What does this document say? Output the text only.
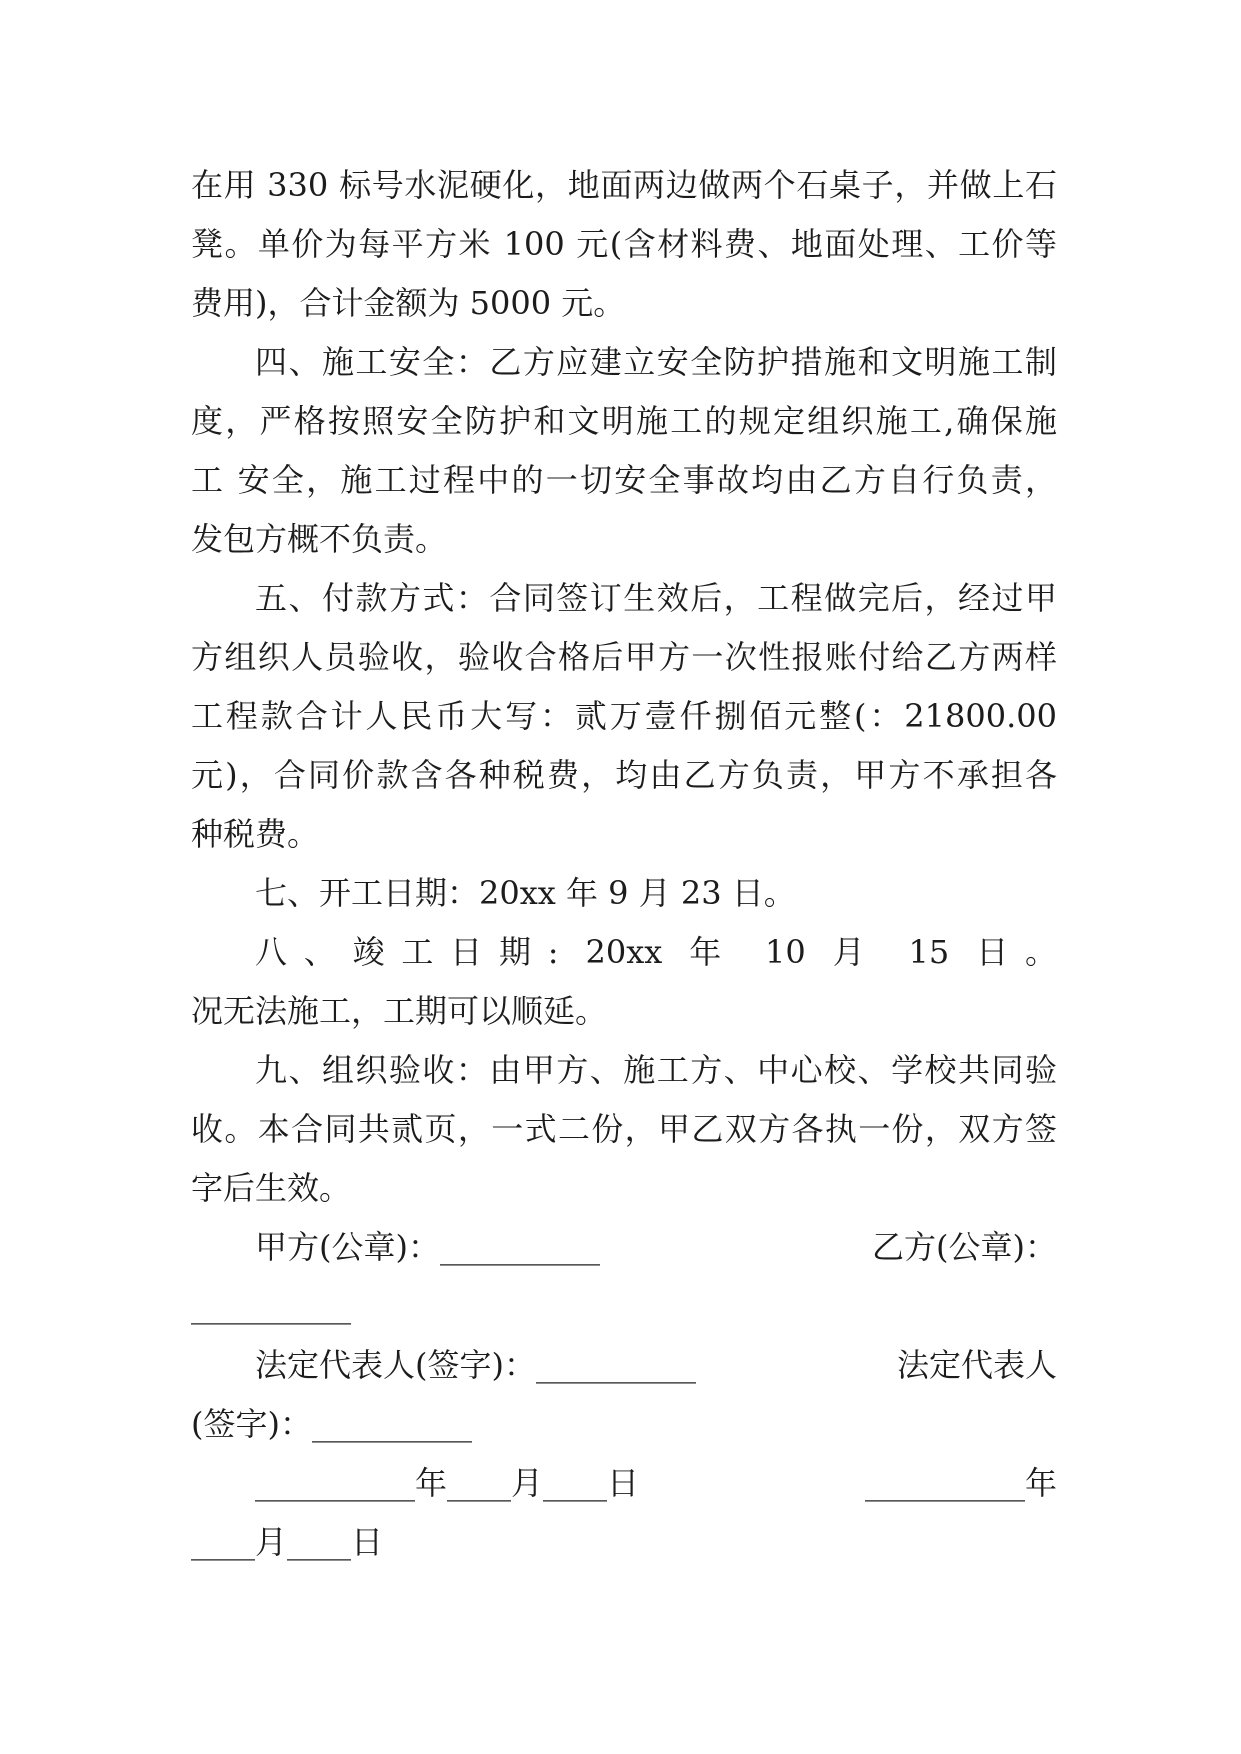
在用 330 标号水泥硬化，地面两边做两个石桌子，并做上石
凳。单价为每平方米 100 元(含材料费、地面处理、工价等
费用)，合计金额为 5000 元。
四、施工安全：乙方应建立安全防护措施和文明施工制
度，严格按照安全防护和文明施工的规定组织施工,确保施
工 安全，施工过程中的一切安全事故均由乙方自行负责，
发包方概不负责。
五、付款方式：合同签订生效后，工程做完后，经过甲
方组织人员验收，验收合格后甲方一次性报账付给乙方两样
工程款合计人民币大写：贰万壹仟捌佰元整(：21800.00
元)，合同价款含各种税费，均由乙方负责，甲方不承担各
种税费。
七、开工日期：20xx 年 9 月 23 日。
八、竣工日期: 20xx 年 10 月 15 日。
况无法施工，工期可以顺延。
九、组织验收：由甲方、施工方、中心校、学校共同验
收。本合同共贰页，一式二份，甲乙双方各执一份，双方签
字后生效。
甲方(公章)：__________	乙方(公章)：
__________
法定代表人(签字)：__________	法定代表人
(签字)：__________
__________年____月____日	__________年
____月____日
